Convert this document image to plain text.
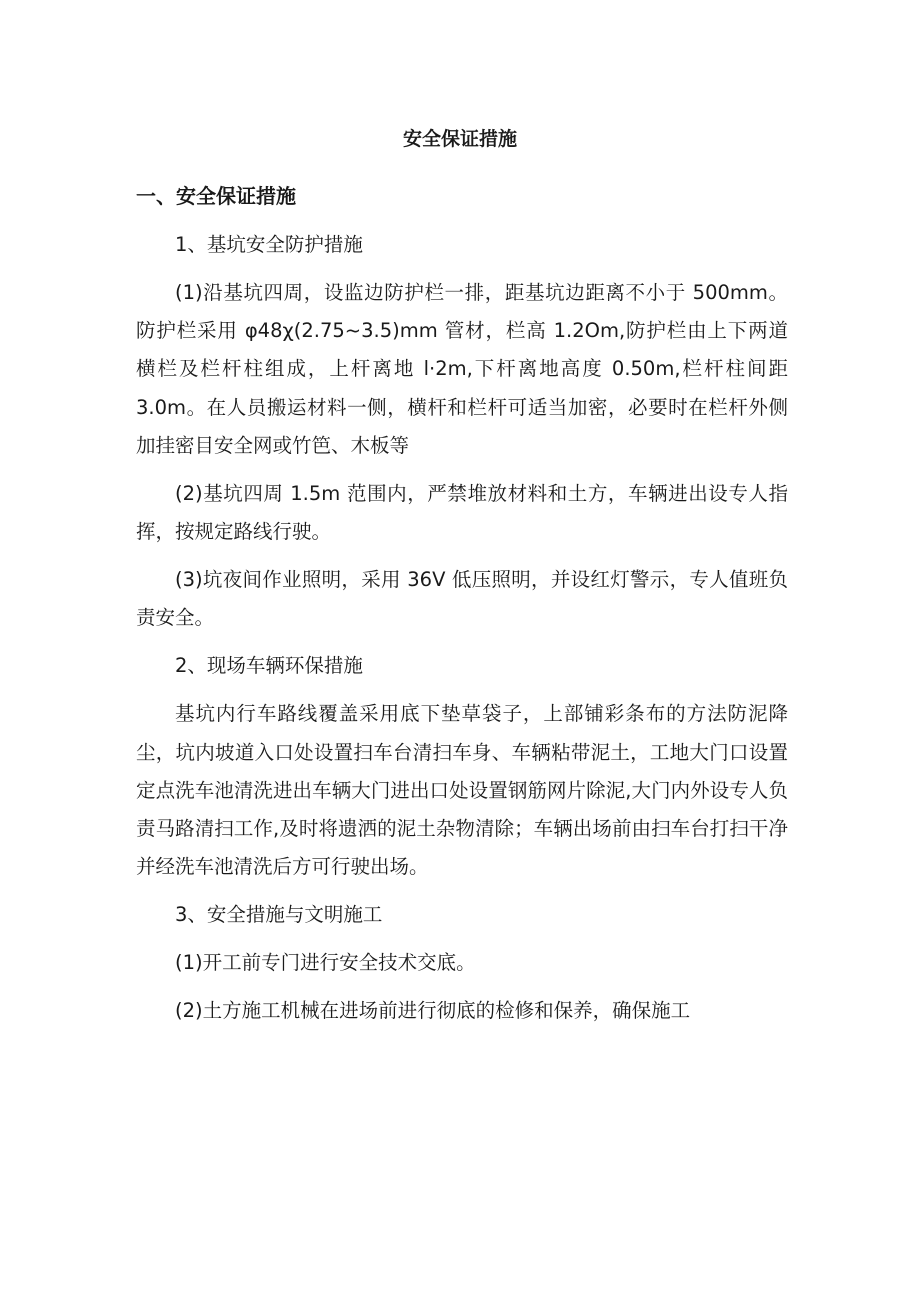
安全保证措施
一、安全保证措施

1、基坑安全防护措施

(1)沿基坑四周，设监边防护栏一排，距基坑边距离不小于 500mm。防护栏采用 φ48χ(2.75~3.5)mm 管材，栏高 1.2Om,防护栏由上下两道横栏及栏杆柱组成，上杆离地 l·2m,下杆离地高度 0.50m,栏杆柱间距 3.0m。在人员搬运材料一侧，横杆和栏杆可适当加密，必要时在栏杆外侧加挂密目安全网或竹笆、木板等

(2)基坑四周 1.5m 范围内，严禁堆放材料和土方，车辆进出设专人指挥，按规定路线行驶。

(3)坑夜间作业照明，采用 36V 低压照明，并设红灯警示，专人值班负责安全。

2、现场车辆环保措施

基坑内行车路线覆盖采用底下垫草袋子，上部铺彩条布的方法防泥降尘，坑内坡道入口处设置扫车台清扫车身、车辆粘带泥土，工地大门口设置定点洗车池清洗进出车辆大门进出口处设置钢筋网片除泥,大门内外设专人负责马路清扫工作,及时将遗洒的泥土杂物清除；车辆出场前由扫车台打扫干净并经洗车池清洗后方可行驶出场。

3、安全措施与文明施工

(1)开工前专门进行安全技术交底。

(2)土方施工机械在进场前进行彻底的检修和保养，确保施工
